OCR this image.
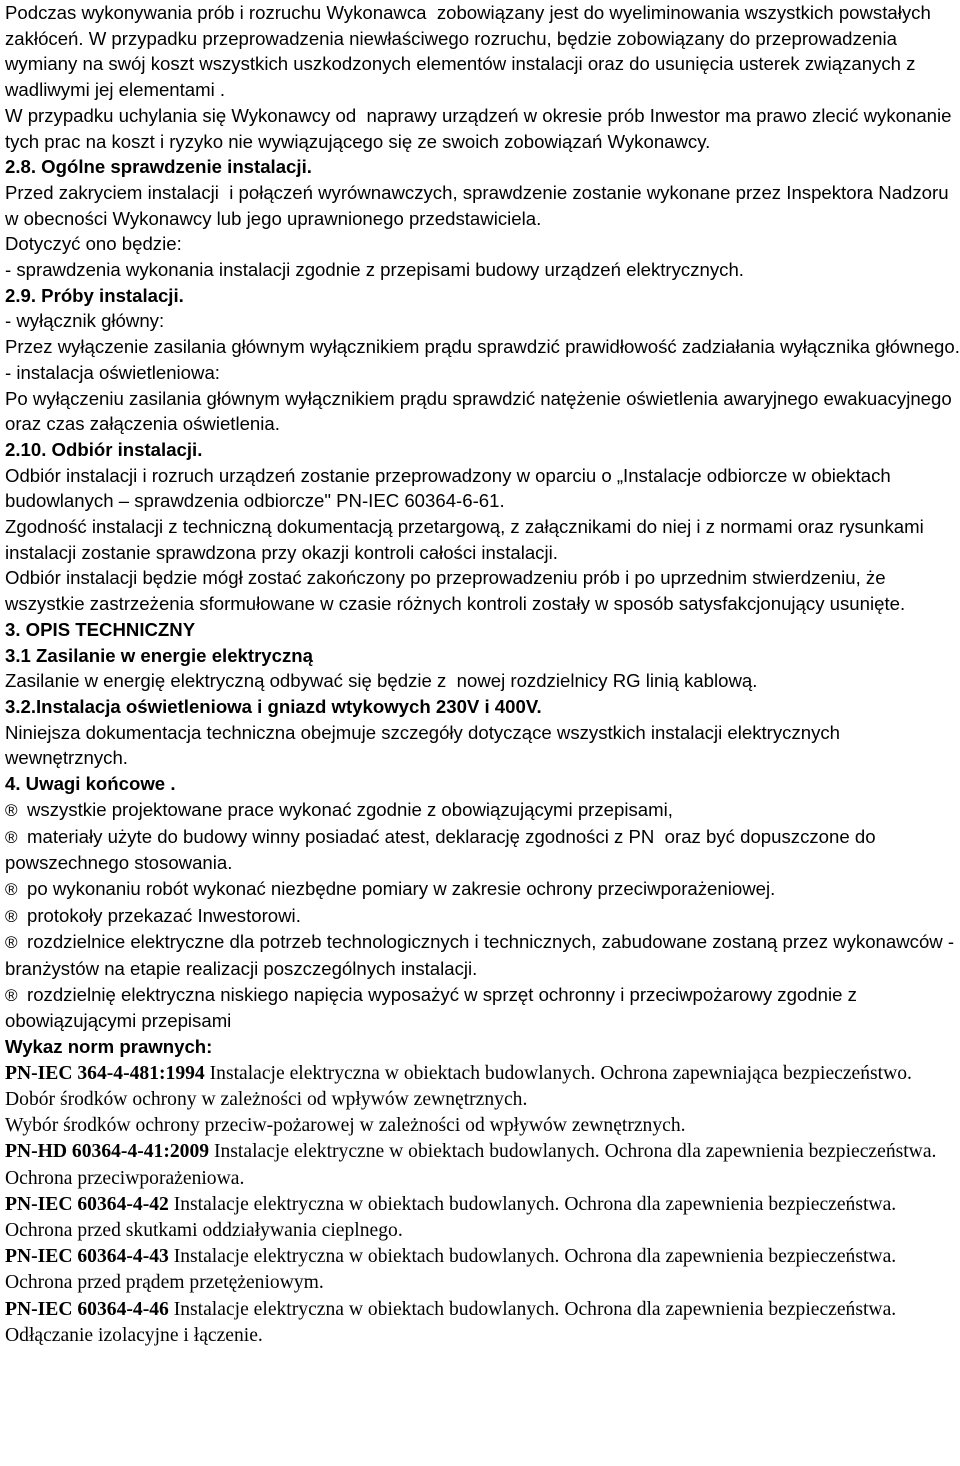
Podczas wykonywania prób i rozruchu Wykonawca  zobowiązany jest do wyeliminowania wszystkich powstałych zakłóceń. W przypadku przeprowadzenia niewłaściwego rozruchu, będzie zobowiązany do przeprowadzenia wymiany na swój koszt wszystkich uszkodzonych elementów instalacji oraz do usunięcia usterek związanych z wadliwymi jej elementami .

W przypadku uchylania się Wykonawcy od  naprawy urządzeń w okresie prób Inwestor ma prawo zlecić wykonanie tych prac na koszt i ryzyko nie wywiązującego się ze swoich zobowiązań Wykonawcy.

2.8. Ogólne sprawdzenie instalacji.

Przed zakryciem instalacji  i połączeń wyrównawczych, sprawdzenie zostanie wykonane przez Inspektora Nadzoru w obecności Wykonawcy lub jego uprawnionego przedstawiciela.

Dotyczyć ono będzie:

- sprawdzenia wykonania instalacji zgodnie z przepisami budowy urządzeń elektrycznych.

2.9. Próby instalacji.

- wyłącznik główny:

Przez wyłączenie zasilania głównym wyłącznikiem prądu sprawdzić prawidłowość zadziałania wyłącznika głównego.

- instalacja oświetleniowa:

Po wyłączeniu zasilania głównym wyłącznikiem prądu sprawdzić natężenie oświetlenia awaryjnego ewakuacyjnego oraz czas załączenia oświetlenia.

2.10. Odbiór instalacji.

Odbiór instalacji i rozruch urządzeń zostanie przeprowadzony w oparciu o „Instalacje odbiorcze w obiektach budowlanych – sprawdzenia odbiorcze" PN-IEC 60364-6-61.

Zgodność instalacji z techniczną dokumentacją przetargową, z załącznikami do niej i z normami oraz rysunkami instalacji zostanie sprawdzona przy okazji kontroli całości instalacji.

Odbiór instalacji będzie mógł zostać zakończony po przeprowadzeniu prób i po uprzednim stwierdzeniu, że wszystkie zastrzeżenia sformułowane w czasie różnych kontroli zostały w sposób satysfakcjonujący usunięte.

3. OPIS TECHNICZNY

3.1 Zasilanie w energie elektryczną

Zasilanie w energię elektryczną odbywać się będzie z  nowej rozdzielnicy RG linią kablową.

3.2.Instalacja oświetleniowa i gniazd wtykowych 230V i 400V.

Niniejsza dokumentacja techniczna obejmuje szczegóły dotyczące wszystkich instalacji elektrycznych wewnętrznych.

4. Uwagi końcowe .

® wszystkie projektowane prace wykonać zgodnie z obowiązującymi przepisami,

® materiały użyte do budowy winny posiadać atest, deklarację zgodności z PN  oraz być dopuszczone do powszechnego stosowania.

® po wykonaniu robót wykonać niezbędne pomiary w zakresie ochrony przeciwporażeniowej.

® protokoły przekazać Inwestorowi.

® rozdzielnice elektryczne dla potrzeb technologicznych i technicznych, zabudowane zostaną przez wykonawców - branżystów na etapie realizacji poszczególnych instalacji.

® rozdzielnię elektryczna niskiego napięcia wyposażyć w sprzęt ochronny i przeciwpożarowy zgodnie z obowiązującymi przepisami

Wykaz norm prawnych:

PN-IEC 364-4-481:1994 Instalacje elektryczna w obiektach budowlanych. Ochrona zapewniająca bezpieczeństwo. Dobór środków ochrony w zależności od wpływów zewnętrznych.

Wybór środków ochrony przeciw-pożarowej w zależności od wpływów zewnętrznych.

PN-HD 60364-4-41:2009 Instalacje elektryczne w obiektach budowlanych. Ochrona dla zapewnienia bezpieczeństwa. Ochrona przeciwporażeniowa.

PN-IEC 60364-4-42 Instalacje elektryczna w obiektach budowlanych. Ochrona dla zapewnienia bezpieczeństwa. Ochrona przed skutkami oddziaływania cieplnego.

PN-IEC 60364-4-43 Instalacje elektryczna w obiektach budowlanych. Ochrona dla zapewnienia bezpieczeństwa. Ochrona przed prądem przetężeniowym.

PN-IEC 60364-4-46 Instalacje elektryczna w obiektach budowlanych. Ochrona dla zapewnienia bezpieczeństwa. Odłączanie izolacyjne i łączenie.
